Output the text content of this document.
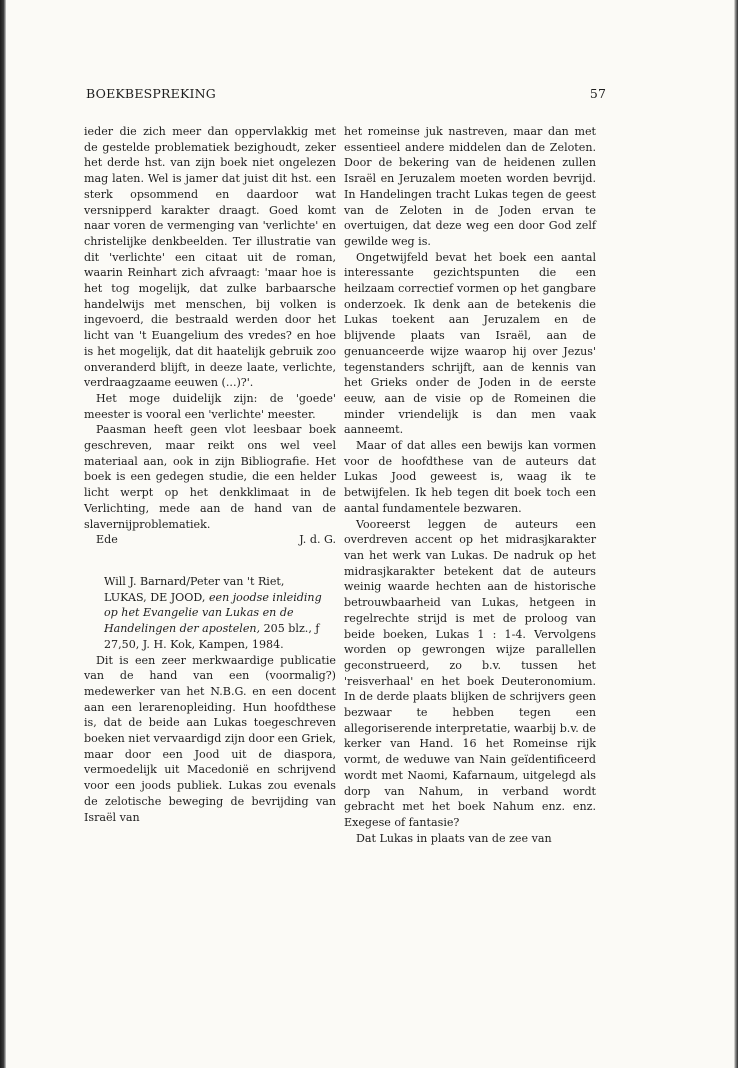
BOEKBESPREKING	57

ieder die zich meer dan oppervlakkig met de gestelde problematiek bezighoudt, zeker het derde hst. van zijn boek niet ongelezen mag laten. Wel is jamer dat juist dit hst. een sterk opsommend en daardoor wat versnipperd karakter draagt. Goed komt naar voren de vermenging van 'verlichte' en christelijke denkbeelden. Ter illustratie van dit 'verlichte' een citaat uit de roman, waarin Reinhart zich afvraagt: 'maar hoe is het tog mogelijk, dat zulke barbaarsche handelwijs met menschen, bij volken is ingevoerd, die bestraald werden door het licht van 't Euangelium des vredes? en hoe is het mogelijk, dat dit haatelijk gebruik zoo onveranderd blijft, in deeze laate, verlichte, verdraagzaame eeuwen (...)?'.

Het moge duidelijk zijn: de 'goede' meester is vooral een 'verlichte' meester.

Paasman heeft geen vlot leesbaar boek geschreven, maar reikt ons wel veel materiaal aan, ook in zijn Bibliografie. Het boek is een gedegen studie, die een helder licht werpt op het denkklimaat in de Verlichting, mede aan de hand van de slavernijproblematiek.

Ede	J. d. G.

Will J. Barnard/Peter van 't Riet,
LUKAS, DE JOOD, een joodse inleiding op het Evangelie van Lukas en de Handelingen der apostelen, 205 blz., ƒ 27,50, J. H. Kok, Kampen, 1984.

Dit is een zeer merkwaardige publicatie van de hand van een (voormalig?) medewerker van het N.B.G. en een docent aan een lerarenopleiding. Hun hoofdthese is, dat de beide aan Lukas toegeschreven boeken niet vervaardigd zijn door een Griek, maar door een Jood uit de diaspora, vermoedelijk uit Macedonië en schrijvend voor een joods publiek. Lukas zou evenals de zelotische beweging de bevrijding van Israël van

het romeinse juk nastreven, maar dan met essentieel andere middelen dan de Zeloten. Door de bekering van de heidenen zullen Israël en Jeruzalem moeten worden bevrijd. In Handelingen tracht Lukas tegen de geest van de Zeloten in de Joden ervan te overtuigen, dat deze weg een door God zelf gewilde weg is.

Ongetwijfeld bevat het boek een aantal interessante gezichtspunten die een heilzaam correctief vormen op het gangbare onderzoek. Ik denk aan de betekenis die Lukas toekent aan Jeruzalem en de blijvende plaats van Israël, aan de genuanceerde wijze waarop hij over Jezus' tegenstanders schrijft, aan de kennis van het Grieks onder de Joden in de eerste eeuw, aan de visie op de Romeinen die minder vriendelijk is dan men vaak aanneemt.

Maar of dat alles een bewijs kan vormen voor de hoofdthese van de auteurs dat Lukas Jood geweest is, waag ik te betwijfelen. Ik heb tegen dit boek toch een aantal fundamentele bezwaren.

Vooreerst leggen de auteurs een overdreven accent op het midrasjkarakter van het werk van Lukas. De nadruk op het midrasjkarakter betekent dat de auteurs weinig waarde hechten aan de historische betrouwbaarheid van Lukas, hetgeen in regelrechte strijd is met de proloog van beide boeken, Lukas 1 : 1-4. Vervolgens worden op gewrongen wijze parallellen geconstrueerd, zo b.v. tussen het 'reisverhaal' en het boek Deuteronomium. In de derde plaats blijken de schrijvers geen bezwaar te hebben tegen een allegoriserende interpretatie, waarbij b.v. de kerker van Hand. 16 het Romeinse rijk vormt, de weduwe van Nain geïdentificeerd wordt met Naomi, Kafarnaum, uitgelegd als dorp van Nahum, in verband wordt gebracht met het boek Nahum enz. enz. Exegese of fantasie?

Dat Lukas in plaats van de zee van
